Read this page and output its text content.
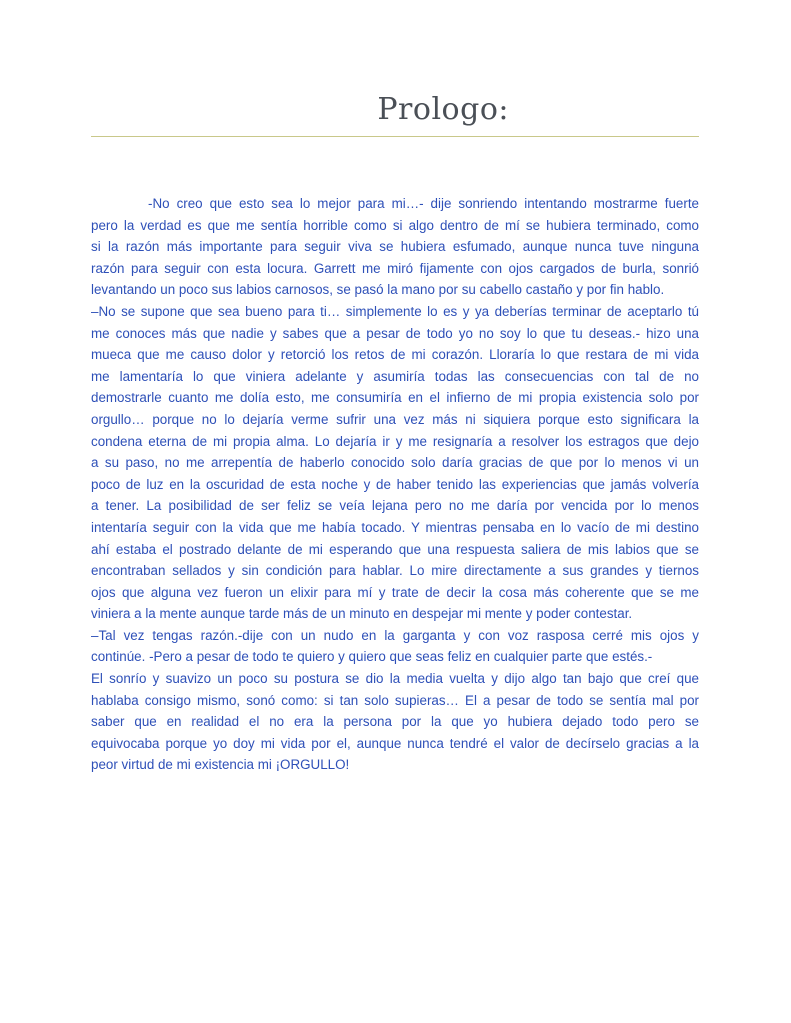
Prologo:
-No creo que esto sea lo mejor para mi…- dije sonriendo intentando mostrarme fuerte
pero la verdad es que me sentía horrible como si algo dentro de mí se hubiera terminado, como
si la razón más importante para seguir viva se hubiera esfumado, aunque nunca tuve ninguna
razón para seguir con esta locura. Garrett me miró fijamente con ojos cargados de burla, sonrió
levantando un poco sus labios carnosos, se pasó la mano por su cabello castaño y por fin hablo.
–No se supone que sea bueno para ti… simplemente lo es y ya deberías terminar de aceptarlo tú
me conoces más que nadie y sabes que a pesar de todo yo no soy lo que tu deseas.- hizo una
mueca que me causo dolor y retorció los retos de mi corazón. Lloraría lo que restara de mi vida
me lamentaría lo que viniera adelante y asumiría todas las consecuencias con tal de no
demostrarle cuanto me dolía esto, me consumiría en el infierno de mi propia existencia solo por
orgullo… porque no lo dejaría verme sufrir una vez más ni siquiera porque esto significara la
condena eterna de mi propia alma. Lo dejaría ir y me resignaría a resolver los estragos que dejo
a su paso, no me arrepentía de haberlo conocido solo daría gracias de que por lo menos vi un
poco de luz en la oscuridad de esta noche y de haber tenido las experiencias que jamás volvería
a tener. La posibilidad de ser feliz se veía lejana pero no me daría por vencida por lo menos
intentaría seguir con la vida que me había tocado. Y mientras pensaba en lo vacío de mi destino
ahí estaba el postrado delante de mi esperando que una respuesta saliera de mis labios que se
encontraban sellados y sin condición para hablar. Lo mire directamente a sus grandes y tiernos
ojos que alguna vez fueron un elixir para mí y trate de decir la cosa más coherente que se me
viniera a la mente aunque tarde más de un minuto en despejar mi mente y poder contestar.
–Tal vez tengas razón.-dije con un nudo en la garganta y con voz rasposa cerré mis ojos y
continúe. -Pero a pesar de todo te quiero y quiero que seas feliz en cualquier parte que estés.-
El sonrío y suavizo un poco su postura se dio la media vuelta y dijo algo tan bajo que creí que
hablaba consigo mismo, sonó como: si tan solo supieras… El a pesar de todo se sentía mal por
saber que en realidad el no era la persona por la que yo hubiera dejado todo pero se
equivocaba porque yo doy mi vida por el, aunque nunca tendré el valor de decírselo gracias a la
peor virtud de mi existencia mi ¡ORGULLO!
